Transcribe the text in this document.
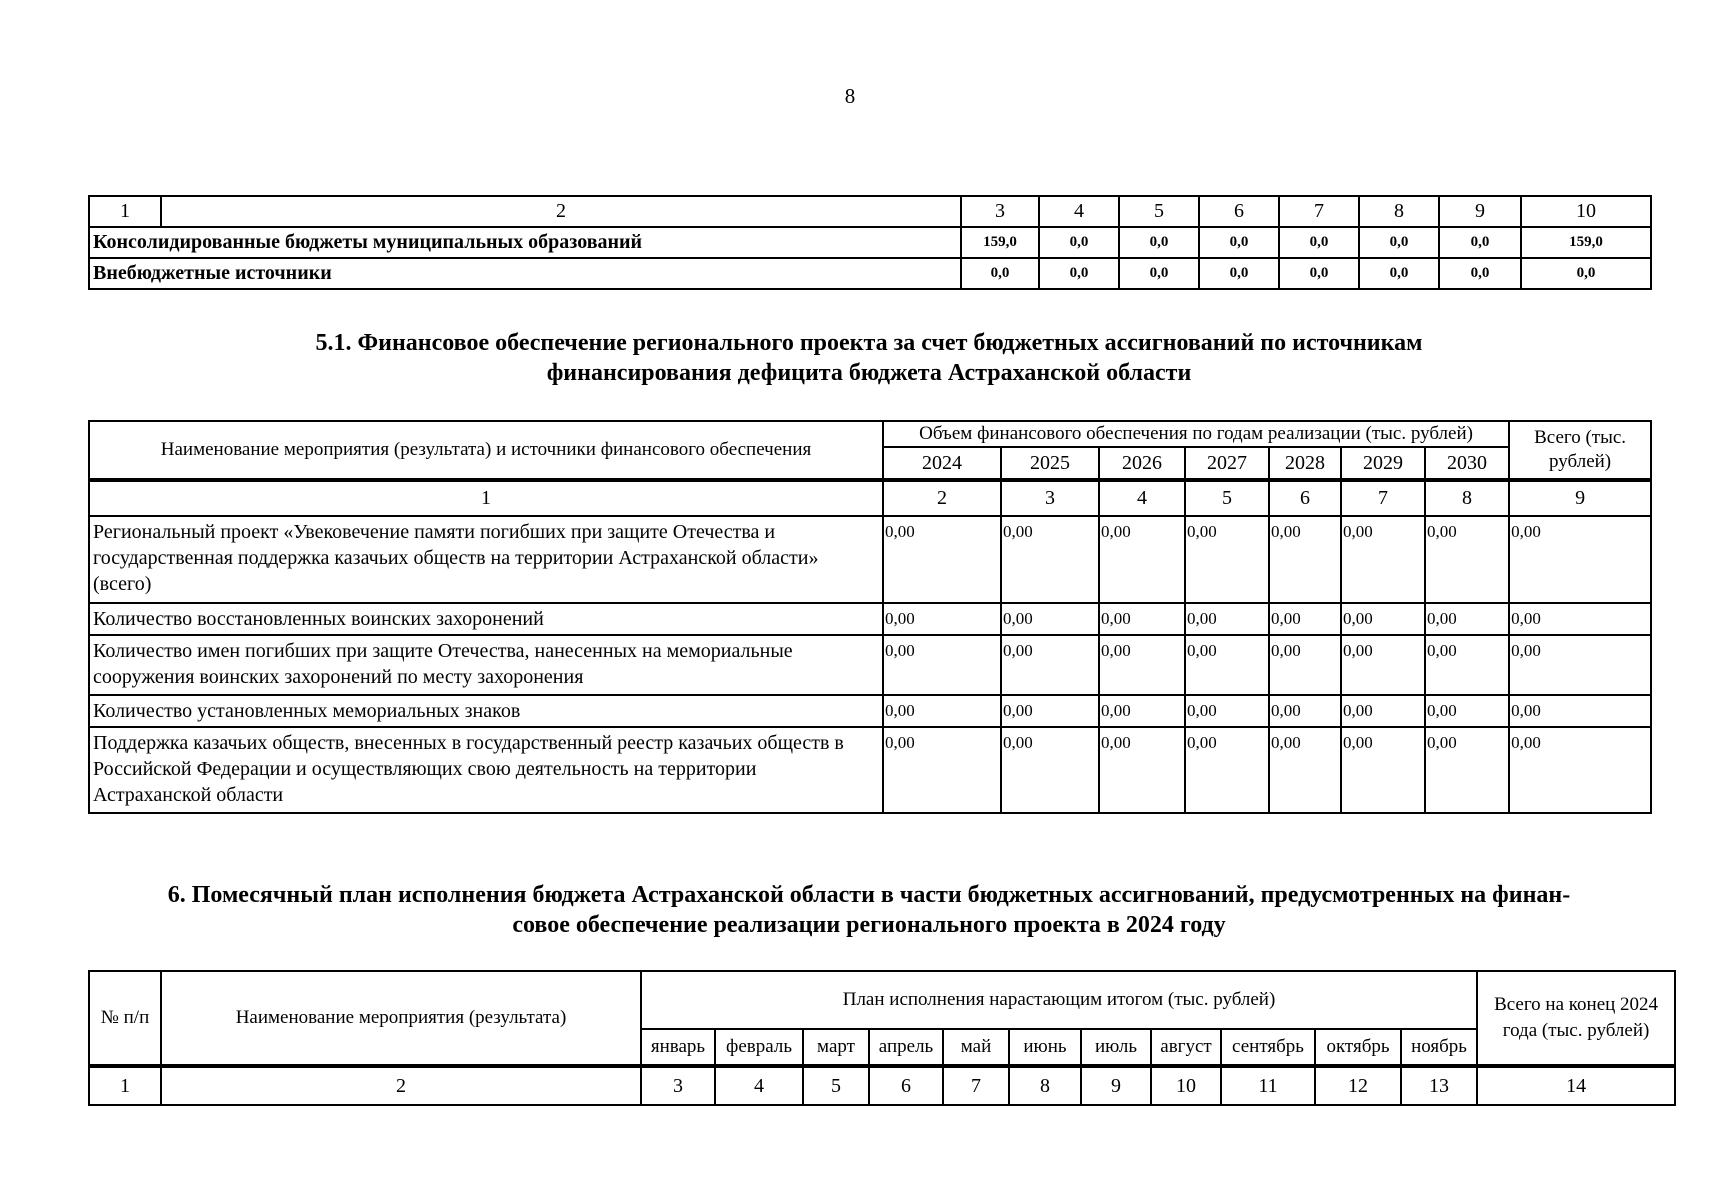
8
1	2	3	4	5	6	7	8	9	10
Консолидированные бюджеты муниципальных образований		159,0	0,0	0,0	0,0	0,0	0,0	0,0	159,0
Внебюджетные источники		0,0	0,0	0,0	0,0	0,0	0,0	0,0	0,0
5.1. Финансовое обеспечение регионального проекта за счет бюджетных ассигнований по источникам
финансирования дефицита бюджета Астраханской области
Наименование мероприятия (результата) и источники финансового обеспечения	Объем финансового обеспечения по годам реализации (тыс. рублей)							Всего (тыс. рублей)
	2024	2025	2026	2027	2028	2029	2030	
1	2	3	4	5	6	7	8	9
Региональный проект «Увековечение памяти погибших при защите Отечества и государственная поддержка казачьих обществ на территории Астраханской области» (всего)	0,00	0,00	0,00	0,00	0,00	0,00	0,00	0,00
Количество восстановленных воинских захоронений	0,00	0,00	0,00	0,00	0,00	0,00	0,00	0,00
Количество имен погибших при защите Отечества, нанесенных на мемориальные сооружения воинских захоронений по месту захоронения	0,00	0,00	0,00	0,00	0,00	0,00	0,00	0,00
Количество установленных мемориальных знаков	0,00	0,00	0,00	0,00	0,00	0,00	0,00	0,00
Поддержка казачьих обществ, внесенных в государственный реестр казачьих обществ в Российской Федерации и осуществляющих свою деятельность на территории Астраханской области	0,00	0,00	0,00	0,00	0,00	0,00	0,00	0,00
6. Помесячный план исполнения бюджета Астраханской области в части бюджетных ассигнований, предусмотренных на финан-
совое обеспечение реализации регионального проекта в 2024 году
№ п/п	Наименование мероприятия (результата)	План исполнения нарастающим итогом (тыс. рублей)											Всего на конец 2024 года (тыс. рублей)
		январь	февраль	март	апрель	май	июнь	июль	август	сентябрь	октябрь	ноябрь	
1	2	3	4	5	6	7	8	9	10	11	12	13	14
